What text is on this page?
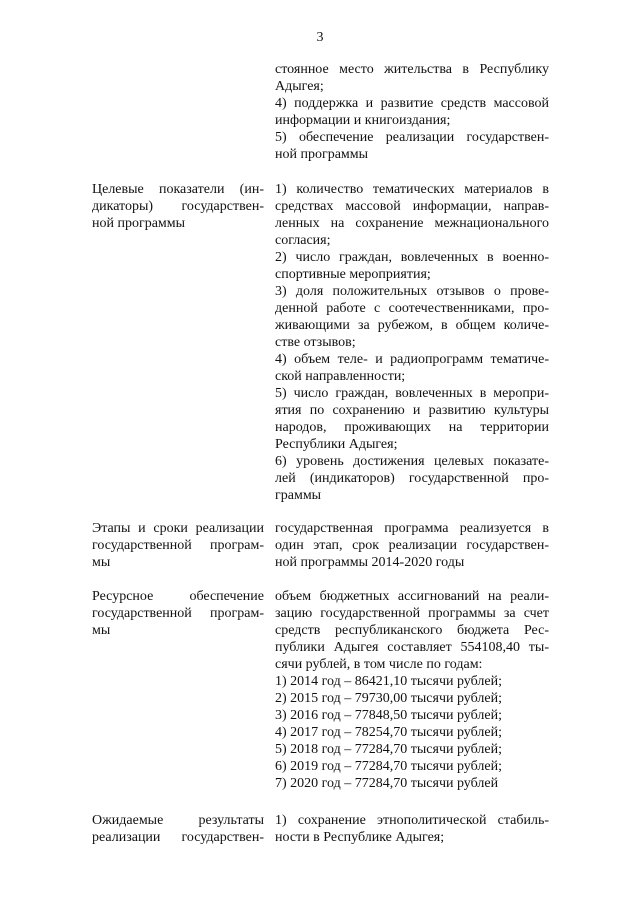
3
стоянное место жительства в Республику
Адыгея;
4) поддержка и развитие средств массовой
информации и книгоиздания;
5) обеспечение реализации государствен-
ной программы
Целевые показатели (ин-
дикаторы) государствен-
ной программы
1) количество тематических материалов в
средствах массовой информации, направ-
ленных на сохранение межнационального
согласия;
2) число граждан, вовлеченных в военно-
спортивные мероприятия;
3) доля положительных отзывов о прове-
денной работе с соотечественниками, про-
живающими за рубежом, в общем количе-
стве отзывов;
4) объем теле- и радиопрограмм тематиче-
ской направленности;
5) число граждан, вовлеченных в меропри-
ятия по сохранению и развитию культуры
народов, проживающих на территории
Республики Адыгея;
6) уровень достижения целевых показате-
лей (индикаторов) государственной про-
граммы
Этапы и сроки реализации
государственной програм-
мы
государственная программа реализуется в
один этап, срок реализации государствен-
ной программы 2014-2020 годы
Ресурсное обеспечение
государственной програм-
мы
объем бюджетных ассигнований на реали-
зацию государственной программы за счет
средств республиканского бюджета Рес-
публики Адыгея составляет 554108,40 ты-
сячи рублей, в том числе по годам:
1) 2014 год – 86421,10 тысячи рублей;
2) 2015 год – 79730,00 тысячи рублей;
3) 2016 год – 77848,50 тысячи рублей;
4) 2017 год – 78254,70 тысячи рублей;
5) 2018 год – 77284,70 тысячи рублей;
6) 2019 год – 77284,70 тысячи рублей;
7) 2020 год – 77284,70 тысячи рублей
Ожидаемые результаты
реализации государствен-
1) сохранение этнополитической стабиль-
ности в Республике Адыгея;
